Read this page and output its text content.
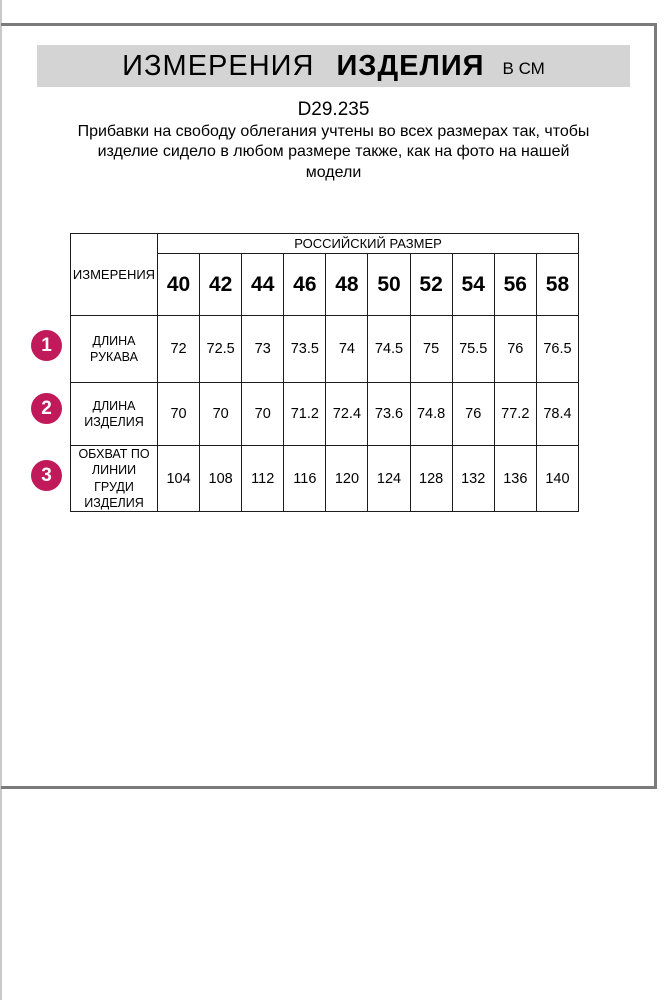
ИЗМЕРЕНИЯ ИЗДЕЛИЯ В СМ
D29.235

Прибавки на свободу облегания учтены во всех размерах так, чтобы изделие сидело в любом размере также, как на фото на нашей модели

ИЗМЕРЕНИЯ	РОССИЙСКИЙ РАЗМЕР									
	40	42	44	46	48	50	52	54	56	58
ДЛИНА РУКАВА	72	72.5	73	73.5	74	74.5	75	75.5	76	76.5
ДЛИНА ИЗДЕЛИЯ	70	70	70	71.2	72.4	73.6	74.8	76	77.2	78.4
ОБХВАТ ПО ЛИНИИ ГРУДИ ИЗДЕЛИЯ	104	108	112	116	120	124	128	132	136	140
1
2
3
